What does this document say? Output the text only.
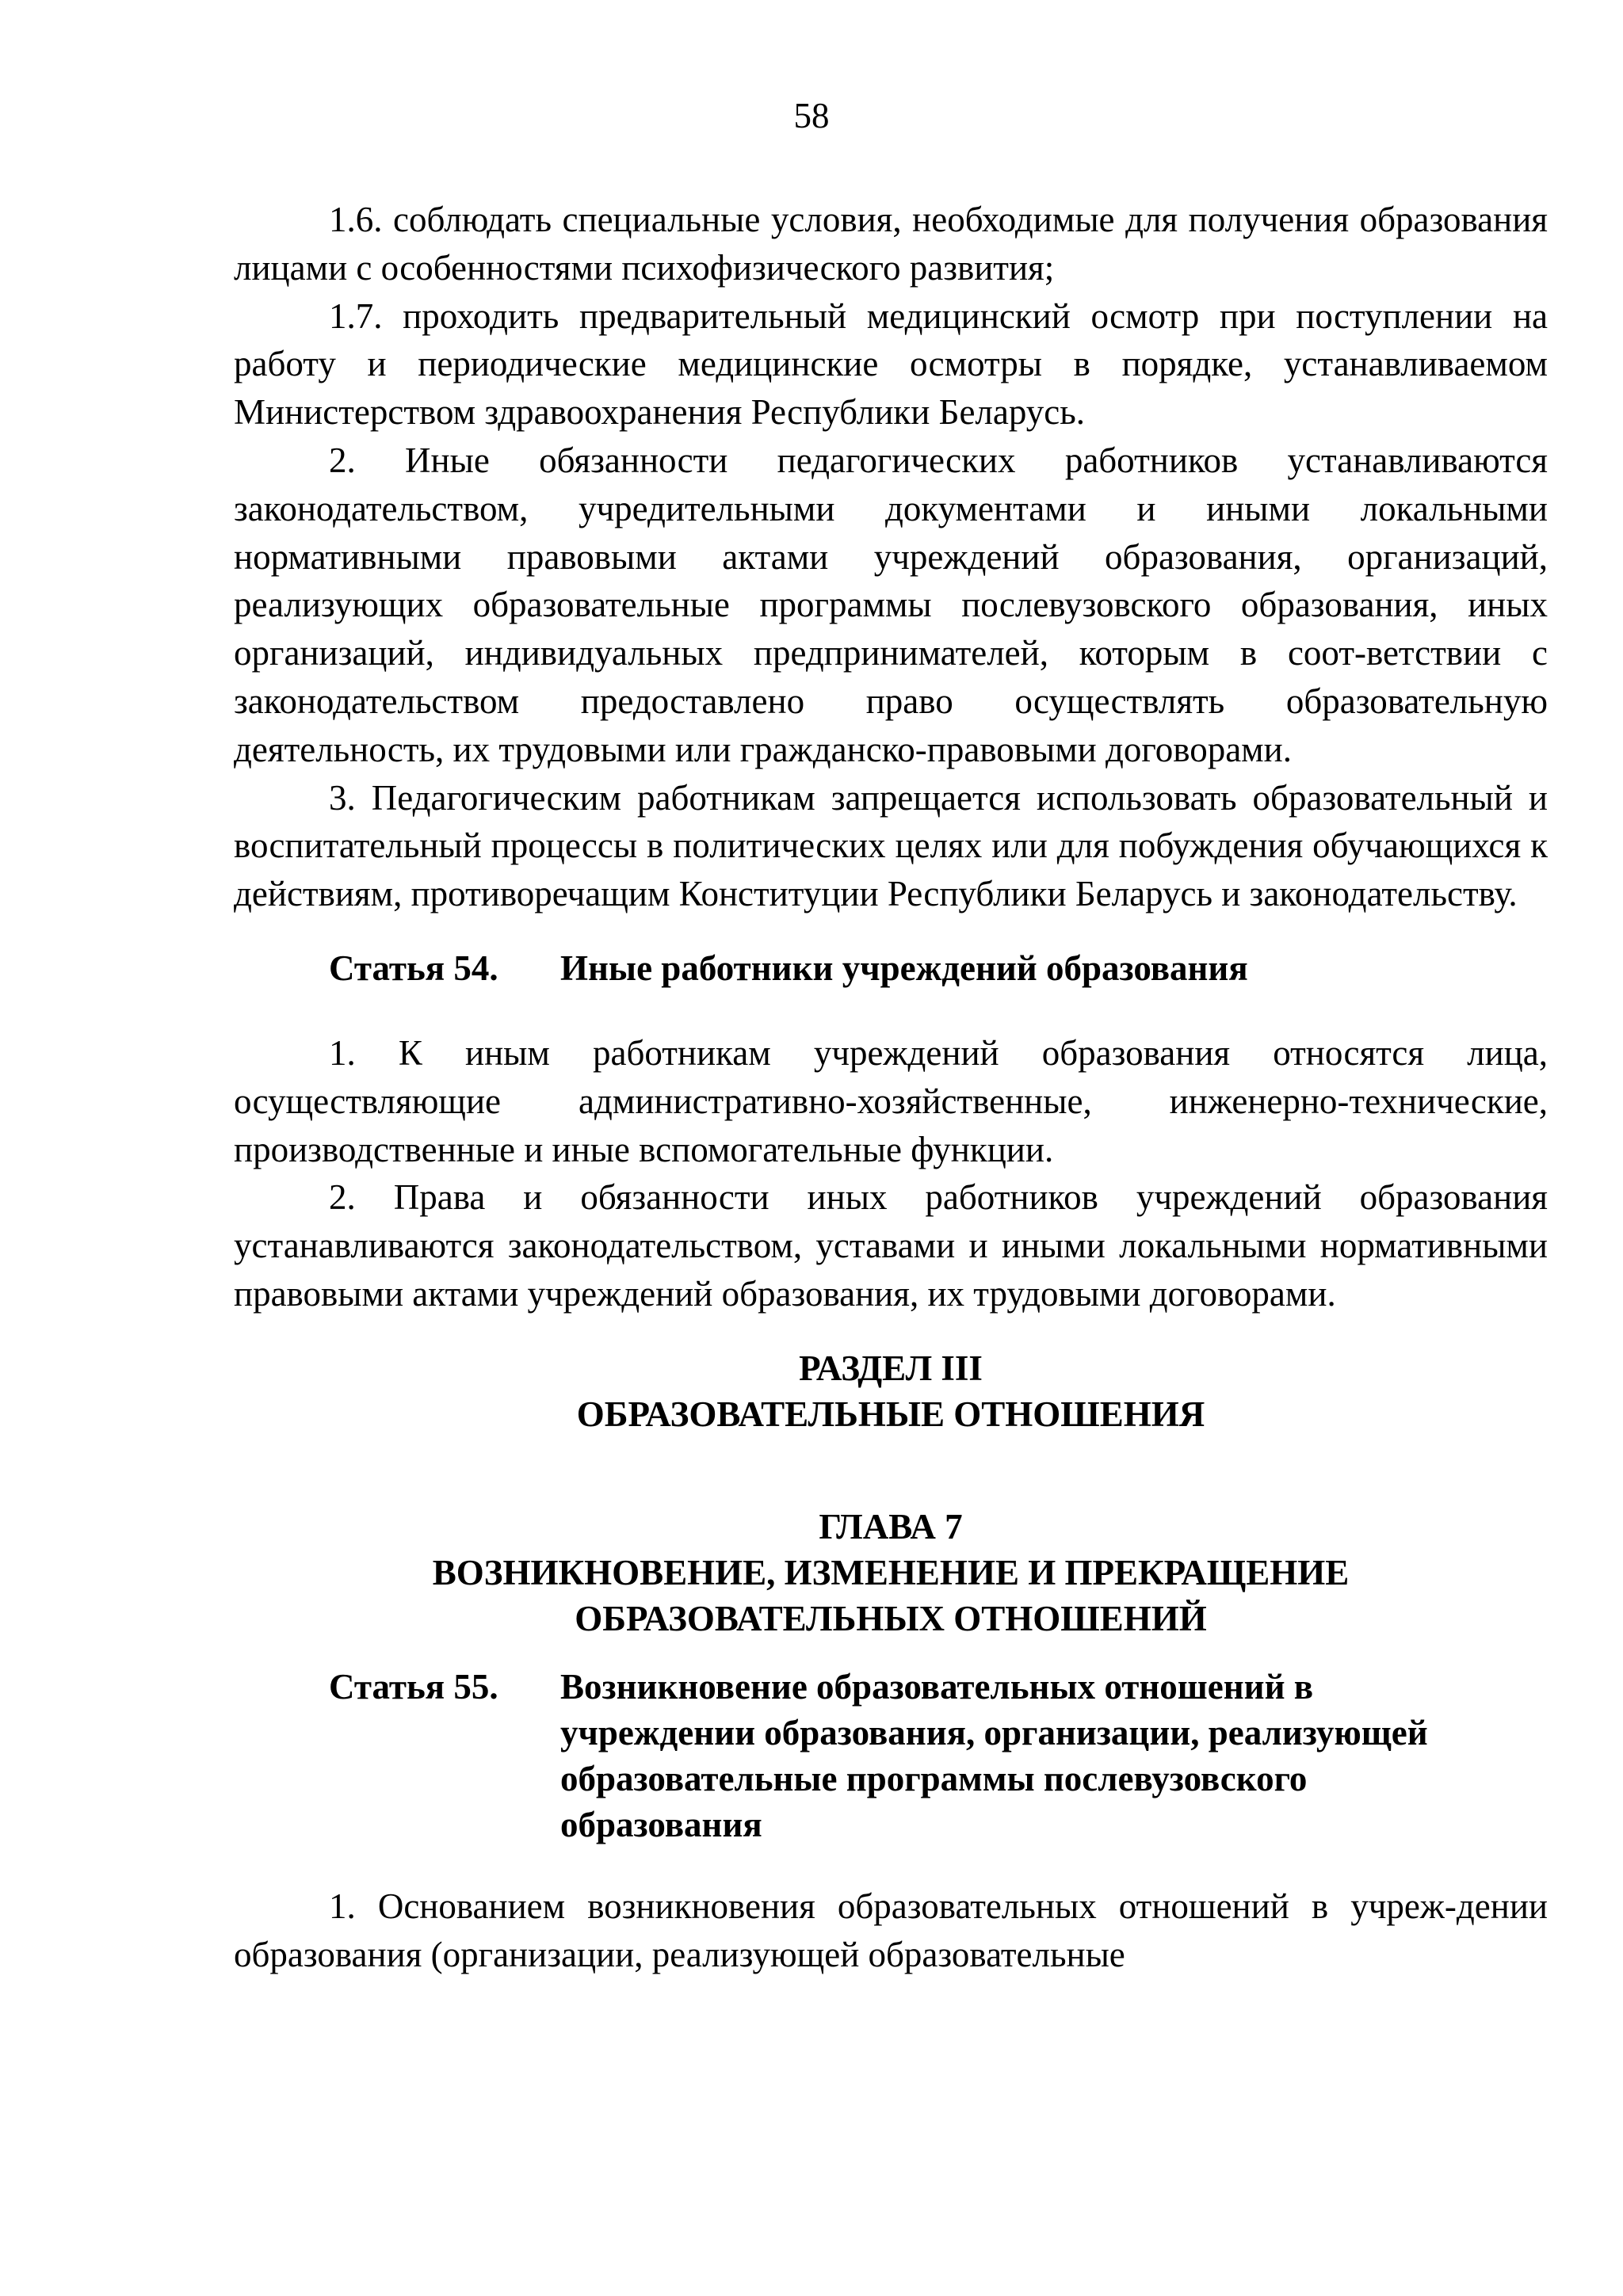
58

1.6. соблюдать специальные условия, необходимые для получения образования лицами с особенностями психофизического развития;

1.7. проходить предварительный медицинский осмотр при поступлении на работу и периодические медицинские осмотры в порядке, устанавливаемом Министерством здравоохранения Республики Беларусь.

2. Иные обязанности педагогических работников устанавливаются законодательством, учредительными документами и иными локальными нормативными правовыми актами учреждений образования, организаций, реализующих образовательные программы послевузовского образования, иных организаций, индивидуальных предпринимателей, которым в соот-ветствии с законодательством предоставлено право осуществлять образовательную деятельность, их трудовыми или гражданско-правовыми договорами.

3. Педагогическим работникам запрещается использовать образовательный и воспитательный процессы в политических целях или для побуждения обучающихся к действиям, противоречащим Конституции Республики Беларусь и законодательству.

Статья 54.	Иные работники учреждений образования

1. К иным работникам учреждений образования относятся лица, осуществляющие административно-хозяйственные, инженерно-технические, производственные и иные вспомогательные функции.

2. Права и обязанности иных работников учреждений образования устанавливаются законодательством, уставами и иными локальными нормативными правовыми актами учреждений образования, их трудовыми договорами.

РАЗДЕЛ III

ОБРАЗОВАТЕЛЬНЫЕ ОТНОШЕНИЯ

ГЛАВА 7

ВОЗНИКНОВЕНИЕ, ИЗМЕНЕНИЕ И ПРЕКРАЩЕНИЕ

ОБРАЗОВАТЕЛЬНЫХ ОТНОШЕНИЙ

Статья 55.	Возникновение образовательных отношений в учреждении образования, организации, реализующей образовательные программы послевузовского образования

1. Основанием возникновения образовательных отношений в учреж-дении образования (организации, реализующей образовательные
